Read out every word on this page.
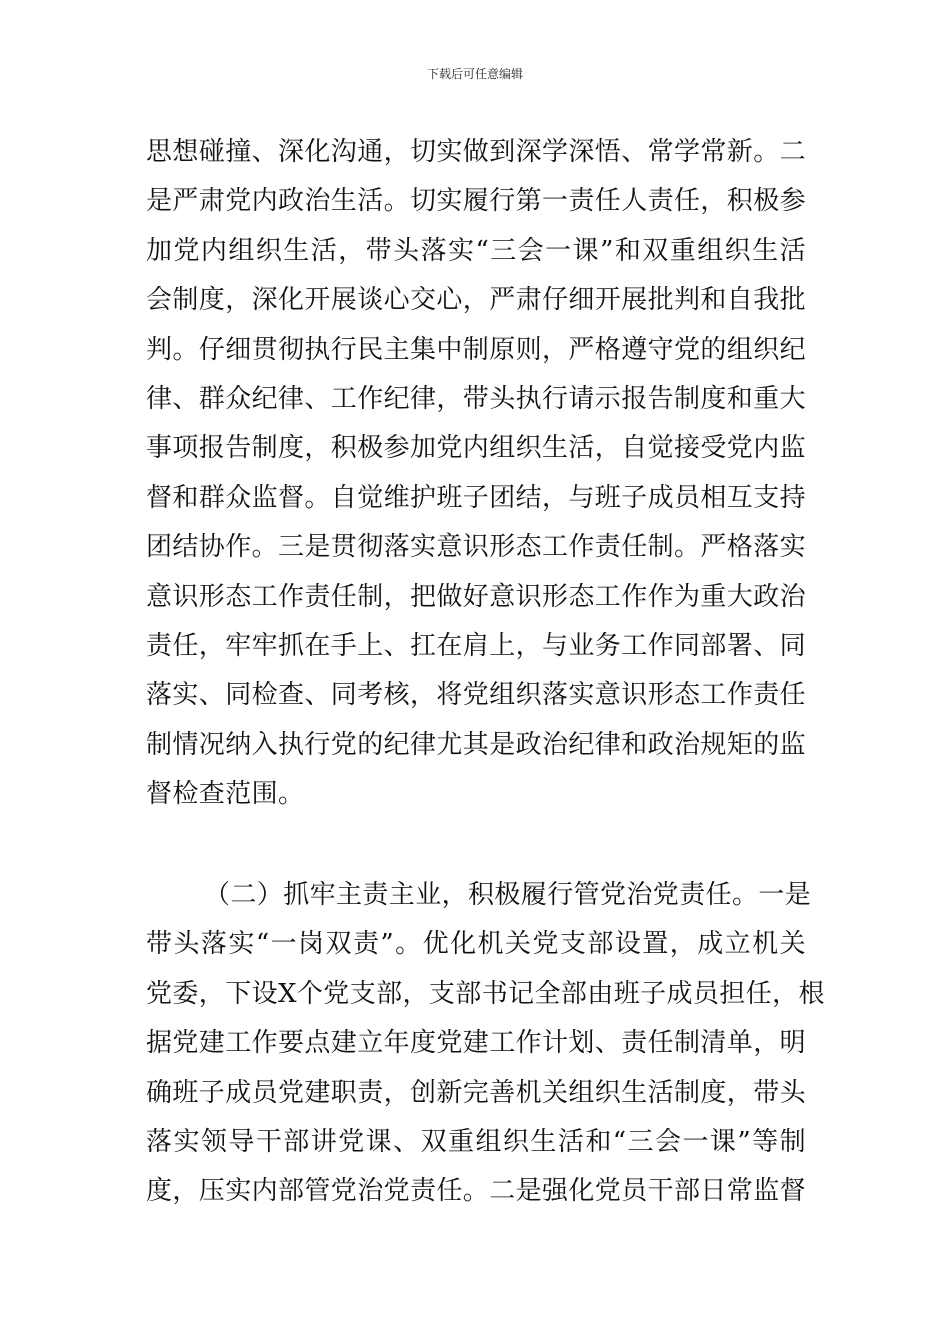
下载后可任意编辑
思想碰撞、深化沟通，切实做到深学深悟、常学常新。二
是严肃党内政治生活。切实履行第一责任人责任，积极参
加党内组织生活，带头落实“三会一课”和双重组织生活
会制度，深化开展谈心交心，严肃仔细开展批判和自我批
判。仔细贯彻执行民主集中制原则，严格遵守党的组织纪
律、群众纪律、工作纪律，带头执行请示报告制度和重大
事项报告制度，积极参加党内组织生活，自觉接受党内监
督和群众监督。自觉维护班子团结，与班子成员相互支持
团结协作。三是贯彻落实意识形态工作责任制。严格落实
意识形态工作责任制，把做好意识形态工作作为重大政治
责任，牢牢抓在手上、扛在肩上，与业务工作同部署、同
落实、同检查、同考核，将党组织落实意识形态工作责任
制情况纳入执行党的纪律尤其是政治纪律和政治规矩的监
督检查范围。
（二）抓牢主责主业，积极履行管党治党责任。一是
带头落实“一岗双责”。优化机关党支部设置，成立机关
党委，下设X个党支部，支部书记全部由班子成员担任，根
据党建工作要点建立年度党建工作计划、责任制清单，明
确班子成员党建职责，创新完善机关组织生活制度，带头
落实领导干部讲党课、双重组织生活和“三会一课”等制
度，压实内部管党治党责任。二是强化党员干部日常监督
